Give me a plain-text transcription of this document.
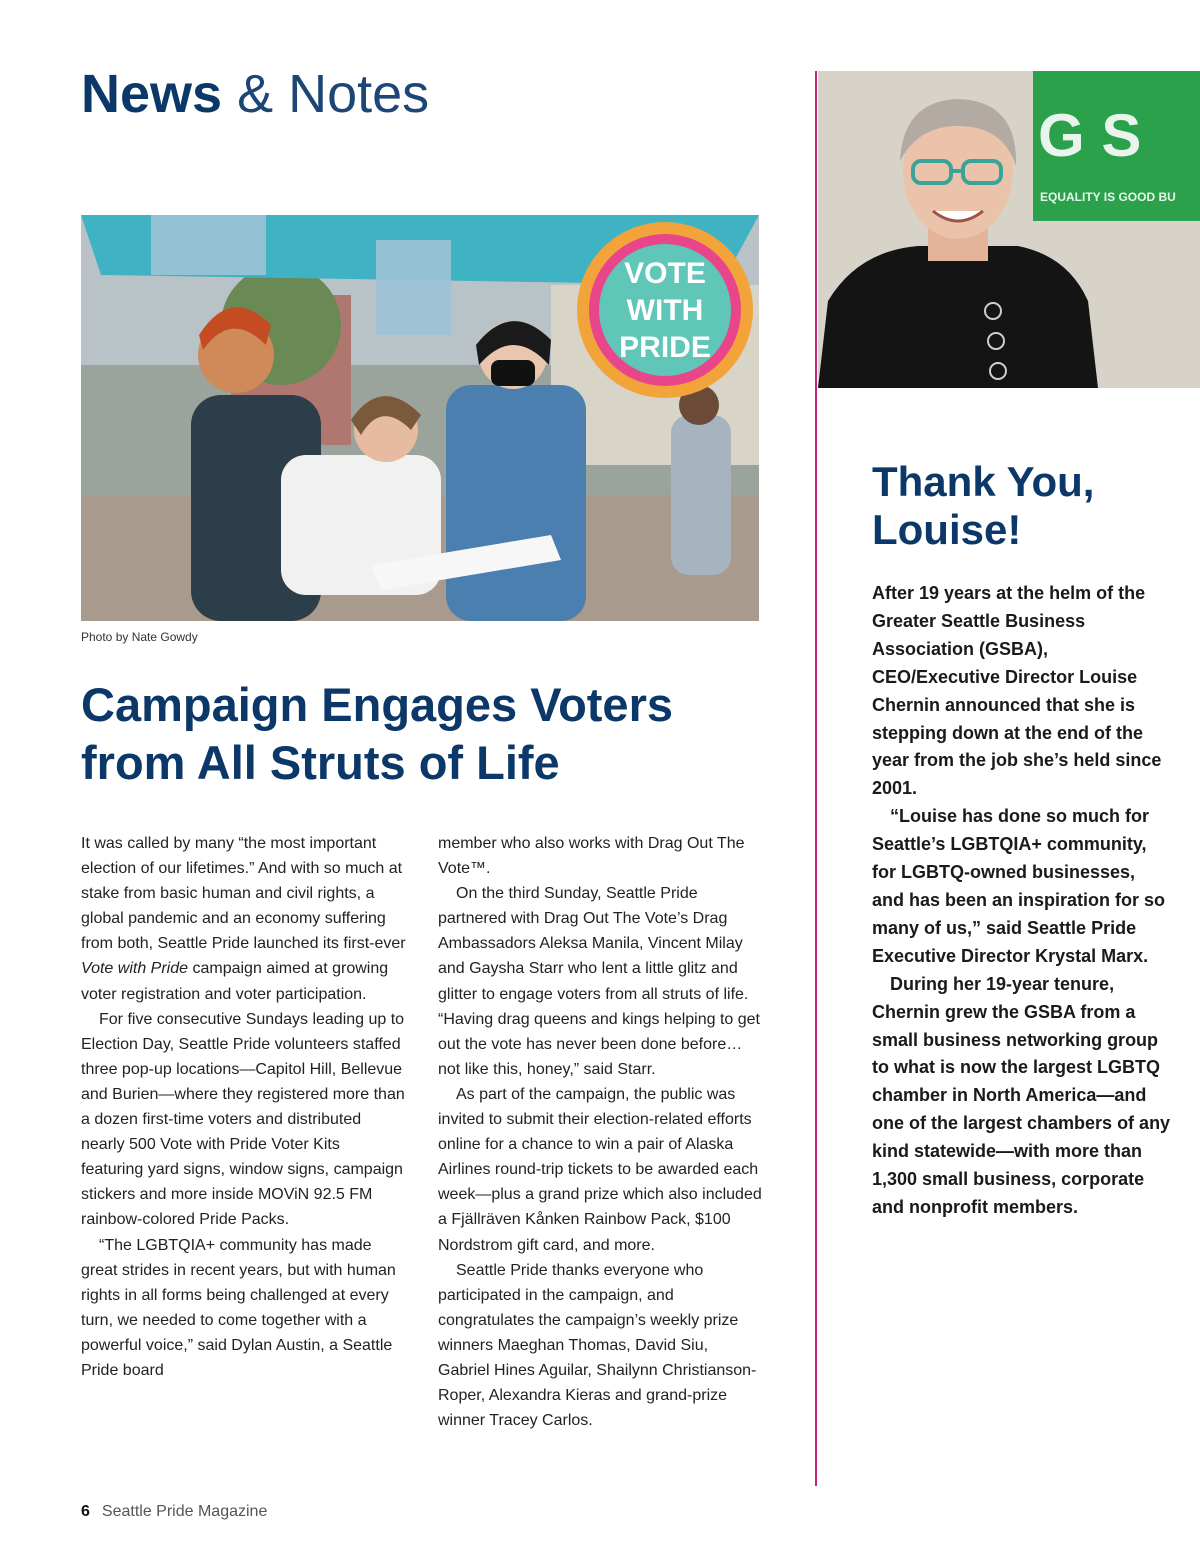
News & Notes
VOTE
WITH
PRIDE
Photo by Nate Gowdy
Campaign Engages Voters
from All Struts of Life

It was called by many “the most important election of our lifetimes.” And with so much at stake from basic human and civil rights, a global pandemic and an economy suffering from both, Seattle Pride launched its first-ever Vote with Pride campaign aimed at growing voter registration and voter participation.

For five consecutive Sundays leading up to Election Day, Seattle Pride volunteers staffed three pop-up locations—Capitol Hill, Bellevue and Burien—where they registered more than a dozen first-time voters and distributed nearly 500 Vote with Pride Voter Kits featuring yard signs, window signs, campaign stickers and more inside MOViN 92.5 FM rainbow-colored Pride Packs.

“The LGBTQIA+ community has made great strides in recent years, but with human rights in all forms being challenged at every turn, we needed to come together with a powerful voice,” said Dylan Austin, a Seattle Pride board

member who also works with Drag Out The Vote™.

On the third Sunday, Seattle Pride partnered with Drag Out The Vote’s Drag Ambassadors Aleksa Manila, Vincent Milay and Gaysha Starr who lent a little glitz and glitter to engage voters from all struts of life. “Having drag queens and kings helping to get out the vote has never been done before… not like this, honey,” said Starr.

As part of the campaign, the public was invited to submit their election-related efforts online for a chance to win a pair of Alaska Airlines round-trip tickets to be awarded each week—plus a grand prize which also included a Fjällräven Kånken Rainbow Pack, $100 Nordstrom gift card, and more.

Seattle Pride thanks everyone who participated in the campaign, and congratulates the campaign’s weekly prize winners Maeghan Thomas, David Siu, Gabriel Hines Aguilar, Shailynn Christianson-Roper, Alexandra Kieras and grand-prize winner Tracey Carlos.

G S
EQUALITY IS GOOD BU
Thank You,
Louise!

After 19 years at the helm of the Greater Seattle Business Association (GSBA), CEO/Executive Director Louise Chernin announced that she is stepping down at the end of the year from the job she’s held since 2001.

“Louise has done so much for Seattle’s LGBTQIA+ community, for LGBTQ-owned businesses, and has been an inspiration for so many of us,” said Seattle Pride Executive Director Krystal Marx.

During her 19-year tenure, Chernin grew the GSBA from a small business networking group to what is now the largest LGBTQ chamber in North America—and one of the largest chambers of any kind statewide—with more than 1,300 small business, corporate and nonprofit members.

6 Seattle Pride Magazine
